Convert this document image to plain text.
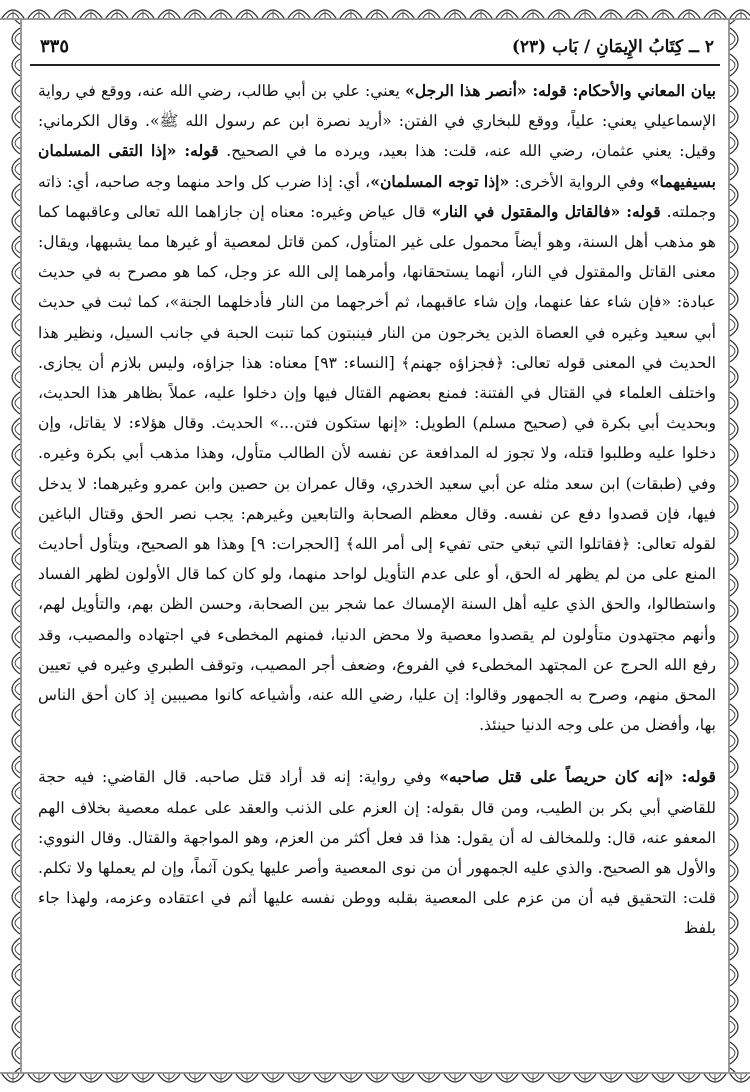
٢ ــ كِتَابُ الإِيمَانِ / بَاب (٢٣)
٣٣٥

بيان المعاني والأحكام: قوله: «أنصر هذا الرجل» يعني: علي بن أبي طالب، رضي الله عنه، ووقع في رواية الإسماعيلي يعني: علياً، ووقع للبخاري في الفتن: «أريد نصرة ابن عم رسول الله ﷺ». وقال الكرماني: وقيل: يعني عثمان، رضي الله عنه، قلت: هذا بعيد، ويرده ما في الصحيح. قوله: «إذا التقى المسلمان بسيفيهما» وفي الرواية الأخرى: «إذا توجه المسلمان»، أي: إذا ضرب كل واحد منهما وجه صاحبه، أي: ذاته وجملته. قوله: «فالقاتل والمقتول في النار» قال عياض وغيره: معناه إن جازاهما الله تعالى وعاقبهما كما هو مذهب أهل السنة، وهو أيضاً محمول على غير المتأول، كمن قاتل لمعصية أو غيرها مما يشبهها، ويقال: معنى القاتل والمقتول في النار، أنهما يستحقانها، وأمرهما إلى الله عز وجل، كما هو مصرح به في حديث عبادة: «فإن شاء عفا عنهما، وإن شاء عاقبهما، ثم أخرجهما من النار فأدخلهما الجنة»، كما ثبت في حديث أبي سعيد وغيره في العصاة الذين يخرجون من النار فينبتون كما تنبت الحبة في جانب السيل، ونظير هذا الحديث في المعنى قوله تعالى: ﴿فجزاؤه جهنم﴾ [النساء: ٩٣] معناه: هذا جزاؤه، وليس بلازم أن يجازى. واختلف العلماء في القتال في الفتنة: فمنع بعضهم القتال فيها وإن دخلوا عليه، عملاً بظاهر هذا الحديث، وبحديث أبي بكرة في (صحيح مسلم) الطويل: «إنها ستكون فتن...» الحديث. وقال هؤلاء: لا يقاتل، وإن دخلوا عليه وطلبوا قتله، ولا تجوز له المدافعة عن نفسه لأن الطالب متأول، وهذا مذهب أبي بكرة وغيره. وفي (طبقات) ابن سعد مثله عن أبي سعيد الخدري، وقال عمران بن حصين وابن عمرو وغيرهما: لا يدخل فيها، فإن قصدوا دفع عن نفسه. وقال معظم الصحابة والتابعين وغيرهم: يجب نصر الحق وقتال الباغين لقوله تعالى: ﴿فقاتلوا التي تبغي حتى تفيء إلى أمر الله﴾ [الحجرات: ٩] وهذا هو الصحيح، ويتأول أحاديث المنع على من لم يظهر له الحق، أو على عدم التأويل لواحد منهما، ولو كان كما قال الأولون لظهر الفساد واستطالوا، والحق الذي عليه أهل السنة الإمساك عما شجر بين الصحابة، وحسن الظن بهم، والتأويل لهم، وأنهم مجتهدون متأولون لم يقصدوا معصية ولا محض الدنيا، فمنهم المخطىء في اجتهاده والمصيب، وقد رفع الله الحرج عن المجتهد المخطىء في الفروع، وضعف أجر المصيب، وتوقف الطبري وغيره في تعيين المحق منهم، وصرح به الجمهور وقالوا: إن عليا، رضي الله عنه، وأشياعه كانوا مصيبين إذ كان أحق الناس بها، وأفضل من على وجه الدنيا حينئذ.

قوله: «إنه كان حريصاً على قتل صاحبه» وفي رواية: إنه قد أراد قتل صاحبه. قال القاضي: فيه حجة للقاضي أبي بكر بن الطيب، ومن قال بقوله: إن العزم على الذنب والعقد على عمله معصية بخلاف الهم المعفو عنه، قال: وللمخالف له أن يقول: هذا قد فعل أكثر من العزم، وهو المواجهة والقتال. وقال النووي: والأول هو الصحيح. والذي عليه الجمهور أن من نوى المعصية وأصر عليها يكون آثماً، وإن لم يعملها ولا تكلم. قلت: التحقيق فيه أن من عزم على المعصية بقلبه ووطن نفسه عليها أثم في اعتقاده وعزمه، ولهذا جاء بلفظ
